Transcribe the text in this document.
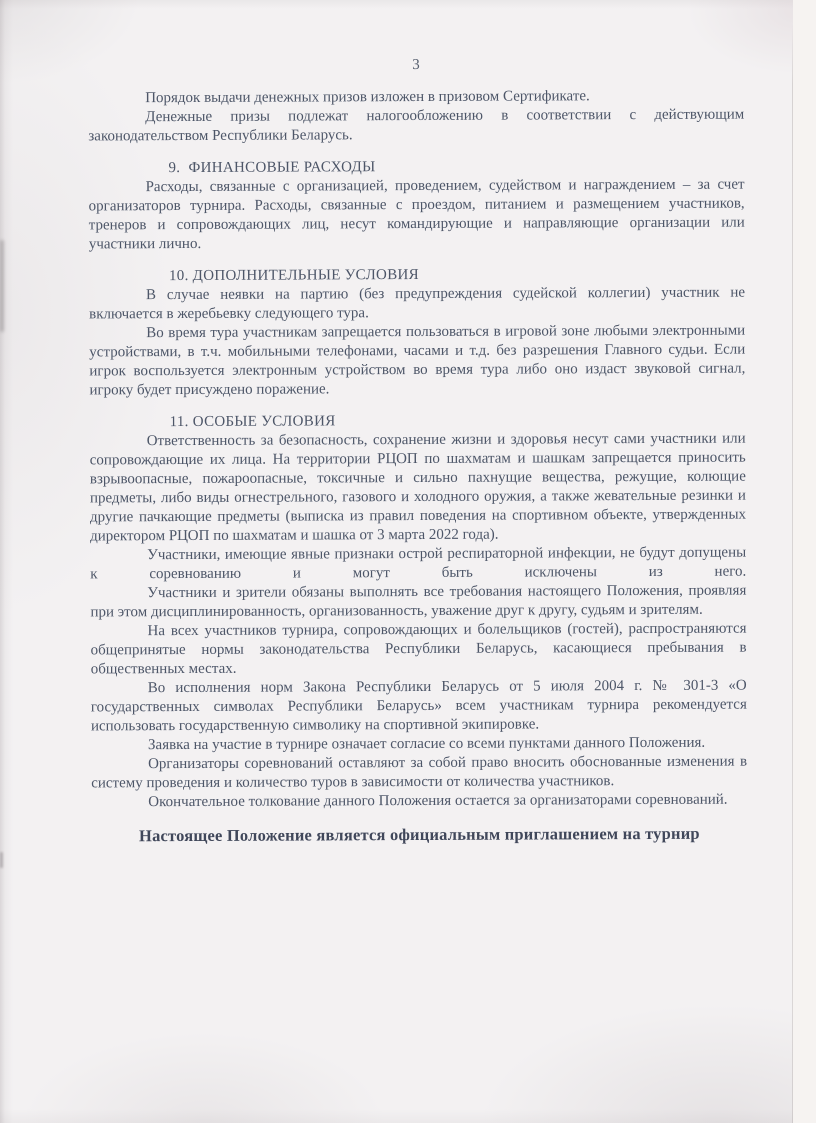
3

Порядок выдачи денежных призов изложен в призовом Сертификате.

Денежные призы подлежат налогообложению в соответствии с действующим законодательством Республики Беларусь.

9.  ФИНАНСОВЫЕ РАСХОДЫ

Расходы, связанные с организацией, проведением, судейством и награждением – за счет организаторов турнира. Расходы, связанные с проездом, питанием и размещением участников, тренеров и сопровождающих лиц, несут командирующие и направляющие организации или участники лично.

10. ДОПОЛНИТЕЛЬНЫЕ УСЛОВИЯ

В случае неявки на партию (без предупреждения судейской коллегии) участник не включается в жеребьевку следующего тура.

Во время тура участникам запрещается пользоваться в игровой зоне любыми электронными устройствами, в т.ч. мобильными телефонами, часами и т.д. без разрешения Главного судьи. Если игрок воспользуется электронным устройством во время тура либо оно издаст звуковой сигнал, игроку будет присуждено поражение.

11. ОСОБЫЕ УСЛОВИЯ

Ответственность за безопасность, сохранение жизни и здоровья несут сами участники или сопровождающие их лица. На территории РЦОП по шахматам и шашкам запрещается приносить взрывоопасные, пожароопасные, токсичные и сильно пахнущие вещества, режущие, колющие предметы, либо виды огнестрельного, газового и холодного оружия, а также жевательные резинки и другие пачкающие предметы (выписка из правил поведения на спортивном объекте, утвержденных директором РЦОП по шахматам и шашка от 3 марта 2022 года).

Участники, имеющие явные признаки острой респираторной инфекции, не будут допущены к соревнованию и могут быть исключены из него.

Участники и зрители обязаны выполнять все требования настоящего Положения, проявляя при этом дисциплинированность, организованность, уважение друг к другу, судьям и зрителям.

На всех участников турнира, сопровождающих и болельщиков (гостей), распространяются общепринятые нормы законодательства Республики Беларусь, касающиеся пребывания в общественных местах.

Во исполнения норм Закона Республики Беларусь от 5 июля 2004 г. № 301-3 «О государственных символах Республики Беларусь» всем участникам турнира рекомендуется использовать государственную символику на спортивной экипировке.

Заявка на участие в турнире означает согласие со всеми пунктами данного Положения.

Организаторы соревнований оставляют за собой право вносить обоснованные изменения в систему проведения и количество туров в зависимости от количества участников.

Окончательное толкование данного Положения остается за организаторами соревнований.

Настоящее Положение является официальным приглашением на турнир
